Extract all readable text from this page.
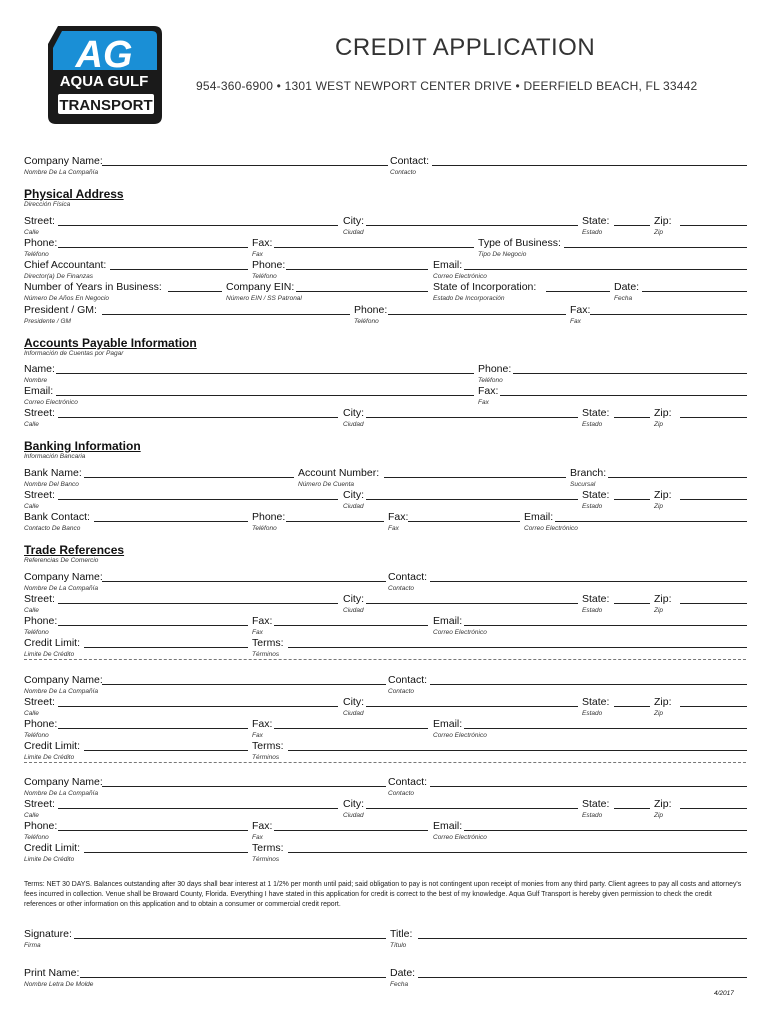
AG
AQUA GULF
TRANSPORT
CREDIT APPLICATION
954-360-6900 • 1301 WEST NEWPORT CENTER DRIVE • DEERFIELD BEACH, FL 33442
Company Name:
Nombre De La Compañía
Contact:
Contacto
Physical Address
Dirección Física
Street:
Calle
City:
Ciudad
State:
Estado
Zip:
Zip
Phone:
Teléfono
Fax:
Fax
Type of Business:
Tipo De Negocio
Chief Accountant:
Director(a) De Finanzas
Phone:
Teléfono
Email:
Correo Electrónico
Number of Years in Business:
Número De Años En Negocio
Company EIN:
Número EIN / SS Patronal
State of Incorporation:
Estado De Incorporación
Date:
Fecha
President / GM:
Presidente / GM
Phone:
Teléfono
Fax:
Fax
Accounts Payable Information
Información de Cuentas por Pagar
Name:
Nombre
Phone:
Teléfono
Email:
Correo Electrónico
Fax:
Fax
Street:
Calle
City:
Ciudad
State:
Estado
Zip:
Zip
Banking Information
Información Bancaria
Bank Name:
Nombre Del Banco
Account Number:
Número De Cuenta
Branch:
Sucursal
Street:
Calle
City:
Ciudad
State:
Estado
Zip:
Zip
Bank Contact:
Contacto De Banco
Phone:
Teléfono
Fax:
Fax
Email:
Correo Electrónico
Trade References
Referencias De Comercio
Company Name:
Nombre De La Compañía
Contact:
Contacto
Street:
Calle
City:
Ciudad
State:
Estado
Zip:
Zip
Phone:
Teléfono
Fax:
Fax
Email:
Correo Electrónico
Credit Limit:
Limite De Crédito
Terms:
Términos
Company Name:
Nombre De La Compañía
Contact:
Contacto
Street:
Calle
City:
Ciudad
State:
Estado
Zip:
Zip
Phone:
Teléfono
Fax:
Fax
Email:
Correo Electrónico
Credit Limit:
Limite De Crédito
Terms:
Términos
Company Name:
Nombre De La Compañía
Contact:
Contacto
Street:
Calle
City:
Ciudad
State:
Estado
Zip:
Zip
Phone:
Teléfono
Fax:
Fax
Email:
Correo Electrónico
Credit Limit:
Limite De Crédito
Terms:
Términos
Terms: NET 30 DAYS. Balances outstanding after 30 days shall bear interest at 1 1/2% per month until paid; said obligation to pay is not contingent upon receipt of monies from any third party. Client agrees to pay all costs and attorney's fees incurred in collection. Venue shall be Broward County, Florida. Everything I have stated in this application for credit is correct to the best of my knowledge. Aqua Gulf Transport is hereby given permission to check the credit references or other information on this application and to obtain a consumer or commercial credit report.
Signature:
Firma
Title:
Título
Print Name:
Nombre Letra De Molde
Date:
Fecha
4/2017
